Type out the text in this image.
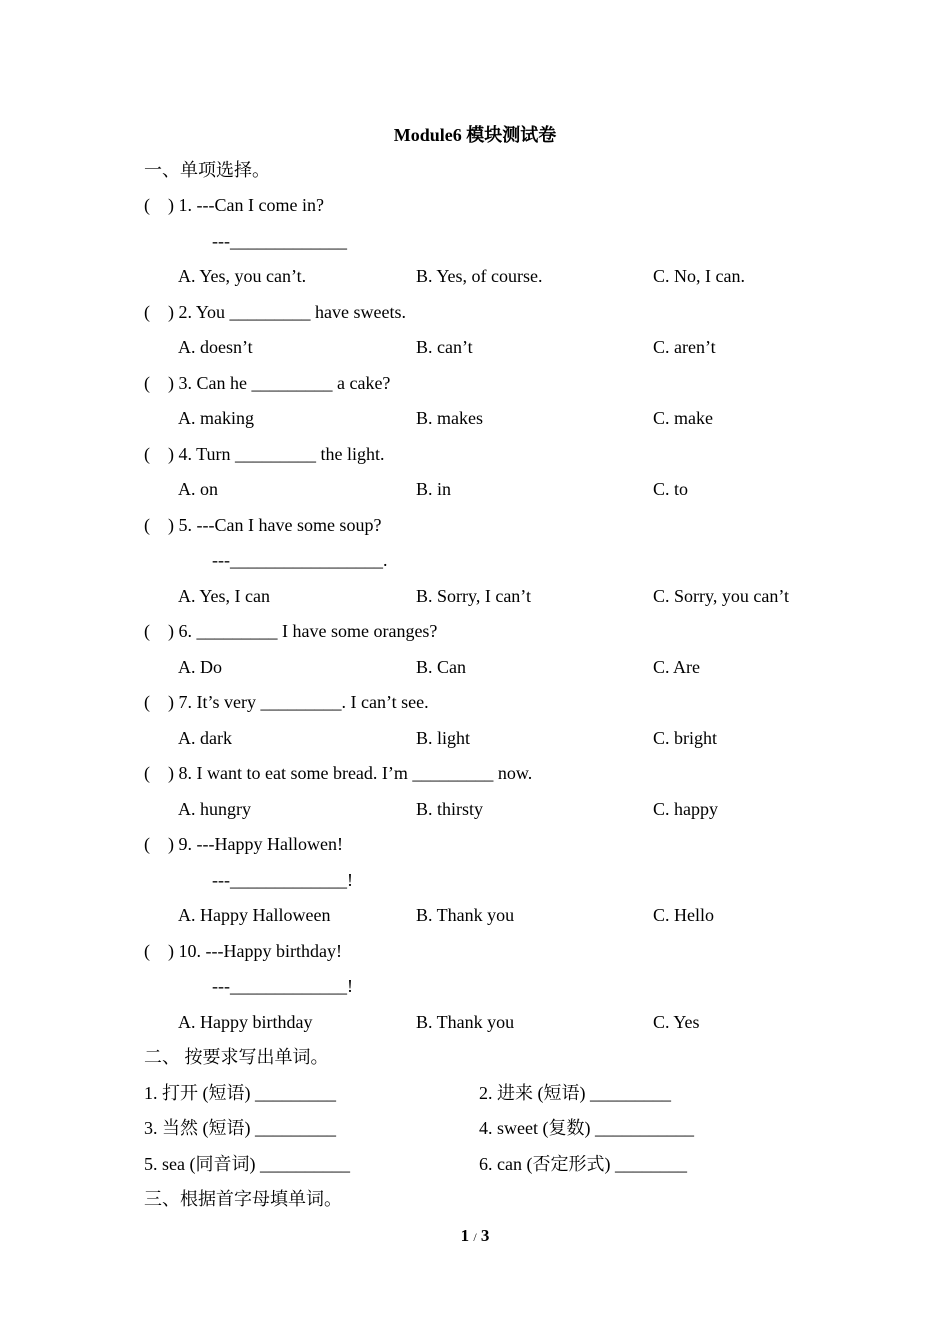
Module6 模块测试卷
一、单项选择。
(    ) 1. ---Can I come in?
---_____________
A. Yes, you can’t.	B. Yes, of course.	C. No, I can.
(    ) 2. You _________ have sweets.
A. doesn’t	B. can’t	C. aren’t
(    ) 3. Can he _________ a cake?
A. making	B. makes	C. make
(    ) 4. Turn _________ the light.
A. on	B. in	C. to
(    ) 5. ---Can I have some soup?
---_________________.
A. Yes, I can	B. Sorry, I can’t	C. Sorry, you can’t
(    ) 6. _________ I have some oranges?
A. Do	B. Can	C. Are
(    ) 7. It’s very _________. I can’t see.
A. dark	B. light	C. bright
(    ) 8. I want to eat some bread. I’m _________ now.
A. hungry	B. thirsty	C. happy
(    ) 9. ---Happy Hallowen!
---_____________!
A. Happy Halloween	B. Thank you	C. Hello
(    ) 10. ---Happy birthday!
---_____________!
A. Happy birthday	B. Thank you	C. Yes
二、 按要求写出单词。
1. 打开 (短语) _________	2. 进来 (短语) _________
3. 当然 (短语) _________	4. sweet (复数) ___________
5. sea (同音词) __________	6. can (否定形式) ________
三、根据首字母填单词。
1 / 3
